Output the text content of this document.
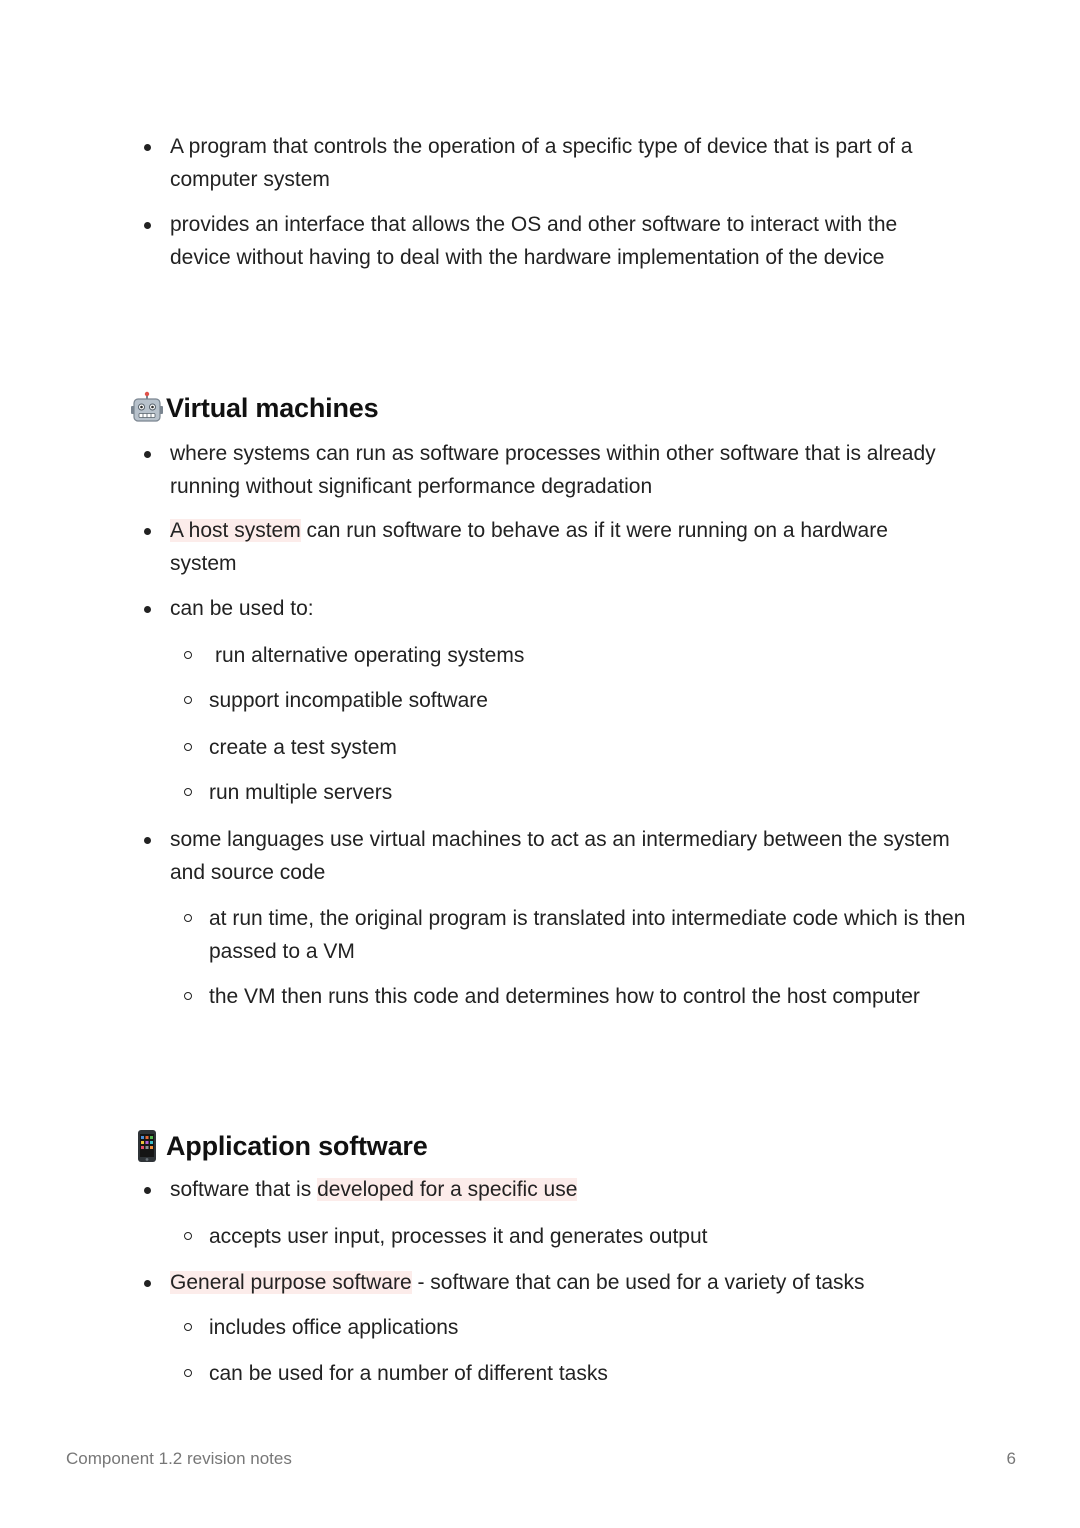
A program that controls the operation of a specific type of device that is part of a computer system
provides an interface that allows the OS and other software to interact with the device without having to deal with the hardware implementation of the device
Virtual machines
where systems can run as software processes within other software that is already running without significant performance degradation
A host system can run software to behave as if it were running on a hardware system
can be used to:
run alternative operating systems
support incompatible software
create a test system
run multiple servers
some languages use virtual machines to act as an intermediary between the system and source code
at run time, the original program is translated into intermediate code which is then passed to a VM
the VM then runs this code and determines how to control the host computer
Application software
software that is developed for a specific use
accepts user input, processes it and generates output
General purpose software - software that can be used for a variety of tasks
includes office applications
can be used for a number of different tasks
Component 1.2 revision notes	6
